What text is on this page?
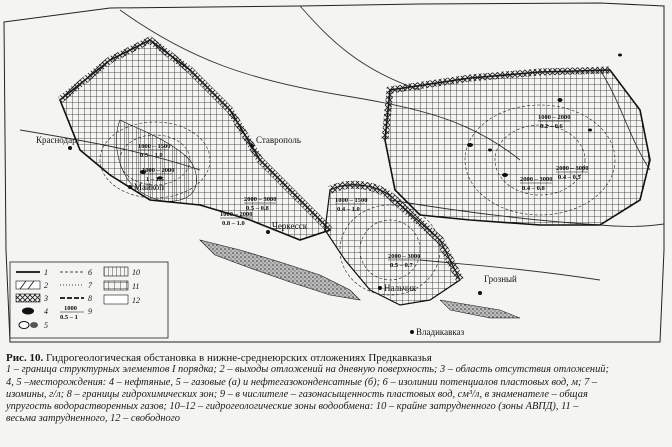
Краснодар
Майкоп
Ставрополь
Черкесск
Нальчик
Грозный
Владикавказ
1000 – 2000
0.2 – 0.6
2000 – 3000
0.4 – 0.8
2000 – 3000
0.4 – 0.5
1000 – 1500
0.5 – 1.0
1000 – 2000
1 – 1.5
2000 – 3000
0.5 – 0.8
1000 – 2000
0.8 – 1.0
2000 – 3000
0.5 – 0.7
1000 – 1500
0.4 – 1.0
1
2
3
4
5
6
7
8
1000
0.5 – 1
9
10
11
12

Рис. 10. Гидрогеологическая обстановка в нижне-среднеюрских отложениях Предкавказья

1 – граница структурных элементов I порядка; 2 – выходы отложений на дневную поверхность; 3 – область отсутствия отложений;

4, 5 –месторождения: 4 – нефтяные, 5 – газовые (а) и нефтегазоконденсатные (б); 6 – изолинии потенциалов пластовых вод, м; 7 –

изомины, г/л; 8 – границы гидрохимических зон; 9 – в числителе – газонасыщенность пластовых вод, см³/л, в знаменателе – общая

упругость водорастворенных газов; 10–12 – гидрогеологические зоны водообмена: 10 – крайне затрудненного (зоны АВПД), 11 –

весьма затрудненного, 12 – свободного
